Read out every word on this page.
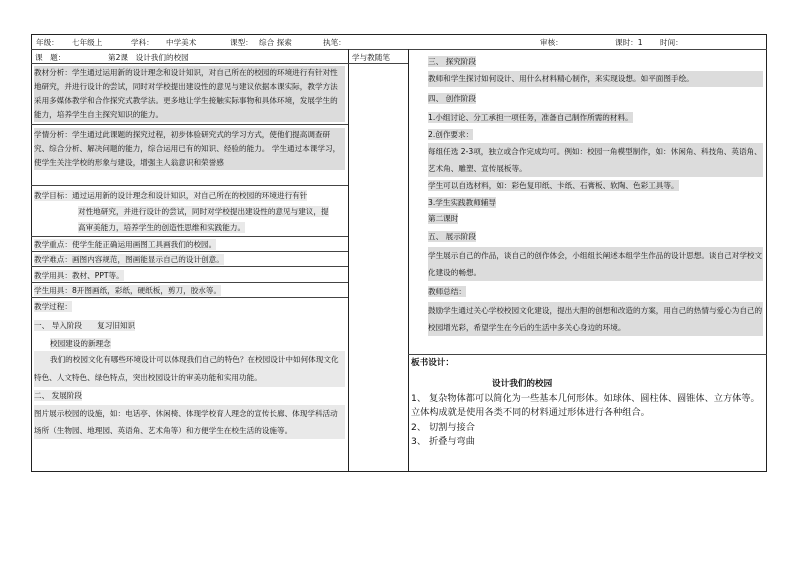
年级： 七年级上	学科： 中学美术	课型： 综合 探索	执笔：	审核：	课时：1 时间：
课　题：	第2课　设计我们的校园	学与教随笔
教材分析：学生通过运用新的设计理念和设计知识，对自己所在的校园的环境进行有针对性地研究，并进行设计的尝试，同时对学校提出建设性的意见与建议依据本课实际，教学方法采用多媒体教学和合作探究式教学法。更多地让学生接触实际事物和具体环境，发展学生的能力，培养学生自主探究知识的能力。
学情分析：学生通过此课题的探究过程，初步体验研究式的学习方式，使他们提高调查研究、综合分析、解决问题的能力，综合运用已有的知识、经验的能力。 学生通过本课学习，使学生关注学校的形象与建设，增强主人翁意识和荣誉感
教学目标：通过运用新的设计理念和设计知识，对自己所在的校园的环境进行有针
对性地研究，并进行设计的尝试，同时对学校提出建设性的意见与建议，提
高审美能力，培养学生的创造性思维和实践能力。
教学重点：使学生能正确运用画图工具画我们的校园。
教学难点：画图内容规范，图画能显示自己的设计创意。
教学用具：教材、PPT等。
学生用具：8开图画纸，彩纸，硬纸板，剪刀，胶水等。
教学过程：
一、 导入阶段　　复习旧知识
校园建设的新理念
我们的校园文化有哪些环境设计可以体现我们自己的特色？在校园设计中如何体现文化特色、人文特色、绿色特点，突出校园设计的审美功能和实用功能。
二、 发展阶段
图片展示校园的设施，如：电话亭、休闲椅、体现学校育人理念的宣传长廊、体现学科活动场所（生物园、地理园、英语角、艺术角等）和方便学生在校生活的设施等。
三、 探究阶段
教师和学生探讨如何设计、用什么材料精心制作，来实现设想。如平面图手绘。
四、 创作阶段
1.小组讨论、分工承担一项任务，准备自己制作所需的材料。
2.创作要求：
每组任选 2-3项，独立或合作完成均可。例如：校园一角模型制作，如：休闲角、科技角、英语角、艺术角、雕塑、宣传展板等。
学生可以自选材料，如：彩色复印纸、卡纸、石膏板、软陶、色彩工具等。
3.学生实践教师辅导
第二课时
五、 展示阶段
学生展示自己的作品，谈自己的创作体会，小组组长阐述本组学生作品的设计思想。谈自己对学校文化建设的畅想。
教师总结：
鼓励学生通过关心学校校园文化建设，提出大胆的创想和改造的方案，用自己的热情与爱心为自己的校园增光彩，希望学生在今后的生活中多关心身边的环境。
板书设计：
设计我们的校园
1、 复杂物体都可以简化为一些基本几何形体。如球体、圆柱体、圆锥体、立方体等。立体构成就是使用各类不同的材料通过形体进行各种组合。
2、 切割与接合
3、 折叠与弯曲
